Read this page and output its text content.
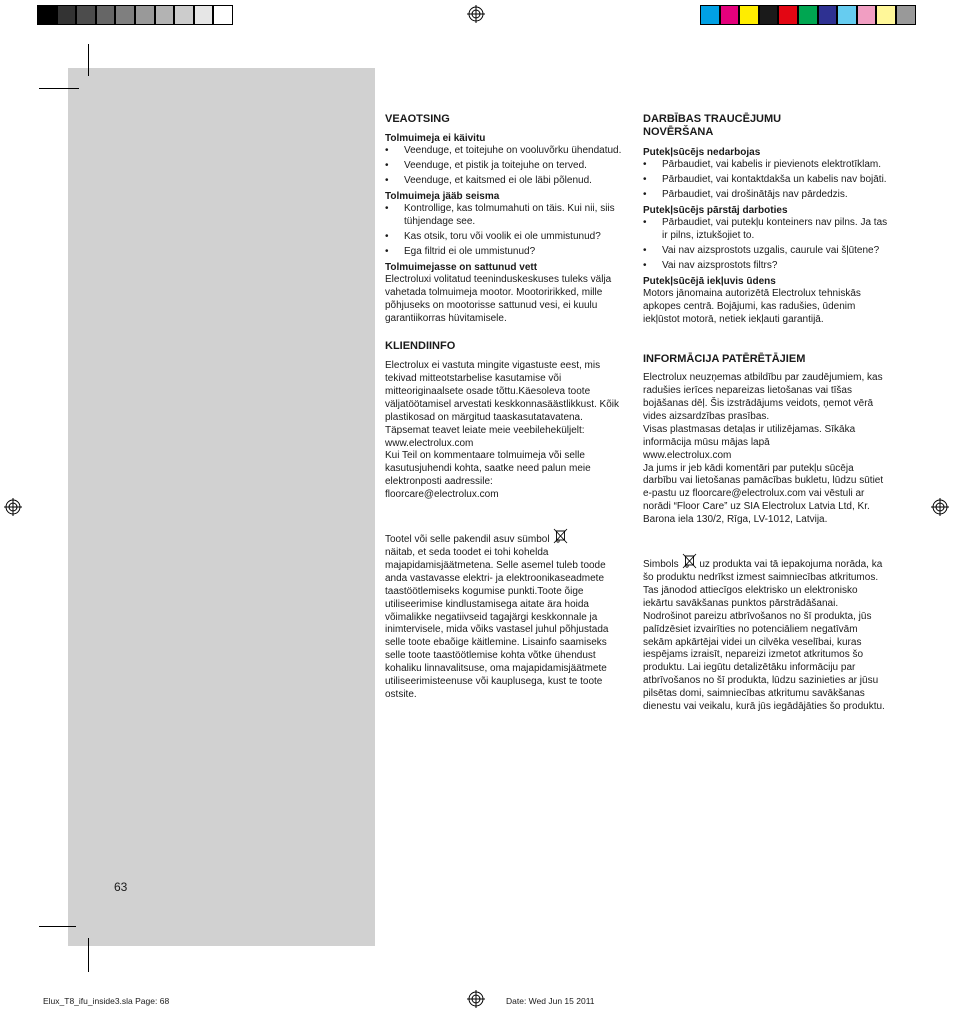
VEAOTSING

Tolmuimeja ei käivitu

• Veenduge, et toitejuhe on vooluvõrku ühendatud.
• Veenduge, et pistik ja toitejuhe on terved.
• Veenduge, et kaitsmed ei ole läbi põlenud.

Tolmuimeja jääb seisma

• Kontrollige, kas tolmumahuti on täis. Kui nii, siis tühjendage see.
• Kas otsik, toru või voolik ei ole ummistunud?
• Ega filtrid ei ole ummistunud?

Tolmuimejasse on sattunud vett

Electroluxi volitatud teeninduskeskuses tuleks välja vahetada tolmuimeja mootor. Mootoririkked, mille põhjuseks on mootorisse sattunud vesi, ei kuulu garantiikorras hüvitamisele.

KLIENDIINFO

Electrolux ei vastuta mingite vigastuste eest, mis tekivad mitteotstarbelise kasutamise või mitteoriginaalsete osade tõttu.Käesoleva toote väljatöötamisel arvestati keskkonnasäästlikkust. Kõik plastikosad on märgitud taaskasutatavatena. Täpsemat teavet leiate meie veebileheküljelt:

www.electrolux.com

Kui Teil on kommentaare tolmuimeja või selle kasutusjuhendi kohta, saatke need palun meie elektronposti aadressile:

floorcare@electrolux.com

Tootel või selle pakendil asuv sümbol
näitab, et seda toodet ei tohi kohelda majapidamisjäätmetena. Selle asemel tuleb toode anda vastavasse elektri- ja elektroonikaseadmete taastöötlemiseks kogumise punkti.Toote õige utiliseerimise kindlustamisega aitate ära hoida võimalikke negatiivseid tagajärgi keskkonnale ja inimtervisele, mida võiks vastasel juhul põhjustada selle toote ebaõige käitlemine. Lisainfo saamiseks selle toote taastöötlemise kohta võtke ühendust kohaliku linnavalitsuse, oma majapidamisjäätmete utiliseerimisteenuse või kauplusega, kust te toote ostsite.

DARBĪBAS TRAUCĒJUMU

NOVĒRŠANA

Putekļsūcējs nedarbojas

• Pārbaudiet, vai kabelis ir pievienots elektrotīklam.
• Pārbaudiet, vai kontaktdakša un kabelis nav bojāti.
• Pārbaudiet, vai drošinātājs nav pārdedzis.

Putekļsūcējs pārstāj darboties

• Pārbaudiet, vai putekļu konteiners nav pilns. Ja tas ir pilns, iztukšojiet to.
• Vai nav aizsprostots uzgalis, caurule vai šļūtene?
• Vai nav aizsprostots filtrs?

Putekļsūcējā iekļuvis ūdens

Motors jānomaina autorizētā Electrolux tehniskās apkopes centrā. Bojājumi, kas radušies, ūdenim iekļūstot motorā, netiek iekļauti garantijā.

INFORMĀCIJA PATĒRĒTĀJIEM

Electrolux neuzņemas atbildību par zaudējumiem, kas radušies ierīces nepareizas lietošanas vai tīšas bojāšanas dēļ. Šis izstrādājums veidots, ņemot vērā vides aizsardzības prasības.

Visas plastmasas detaļas ir utilizējamas. Sīkāka informācija mūsu mājas lapā

www.electrolux.com

Ja jums ir jeb kādi komentāri par putekļu sūcēja darbību vai lietošanas pamācības bukletu, lūdzu sūtiet e-pastu uz floorcare@electrolux.com vai vēstuli ar norādi “Floor Care” uz SIA Electrolux Latvia Ltd, Kr. Barona iela 130/2, Rīga, LV-1012, Latvija.

Simbols uz produkta vai tā iepakojuma norāda, ka šo produktu nedrīkst izmest saimniecības atkritumos. Tas jānodod attiecīgos elektrisko un elektronisko iekārtu savākšanas punktos pārstrādāšanai. Nodrošinot pareizu atbrīvošanos no šī produkta, jūs palīdzēsiet izvairīties no potenciāliem negatīvām sekām apkārtējai videi un cilvēka veselībai, kuras iespējams izraisīt, nepareizi izmetot atkritumos šo produktu. Lai iegūtu detalizētāku informāciju par atbrīvošanos no šī produkta, lūdzu sazinieties ar jūsu pilsētas domi, saimniecības atkritumu savākšanas dienestu vai veikalu, kurā jūs iegādājāties šo produktu.

63
Elux_T8_ifu_inside3.sla Page: 68	Date: Wed Jun 15 2011
